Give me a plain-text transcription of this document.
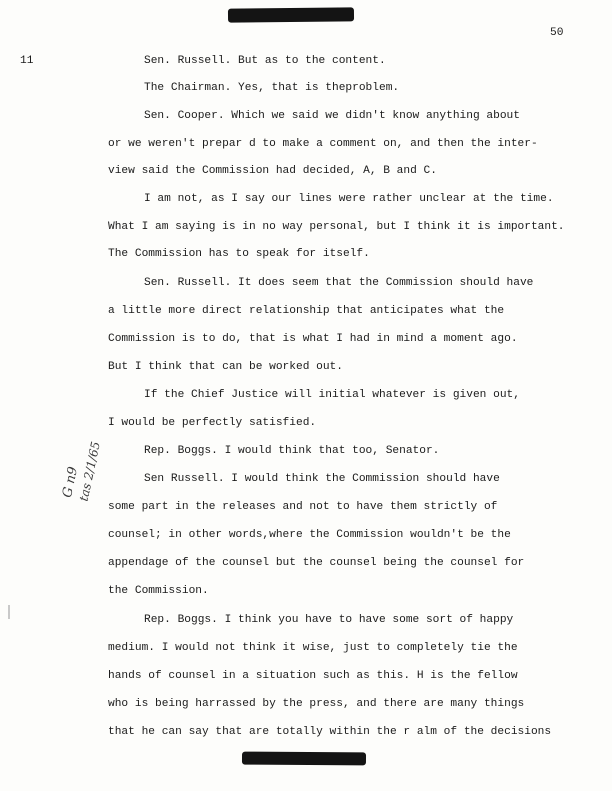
50
11	Sen. Russell. But as to the content.
The Chairman. Yes, that is theproblem.
Sen. Cooper. Which we said we didn't know anything about
or we weren't prepar d to make a comment on, and then the inter-
view said the Commission had decided, A, B and C.
I am not, as I say our lines were rather unclear at the time.
What I am saying is in no way personal, but I think it is important.
The Commission has to speak for itself.
Sen. Russell. It does seem that the Commission should have
a little more direct relationship that anticipates what the
Commission is to do, that is what I had in mind a moment ago.
But I think that can be worked out.
If the Chief Justice will initial whatever is given out,
I would be perfectly satisfied.
Rep. Boggs. I would think that too, Senator.
Sen Russell. I would think the Commission should have
some part in the releases and not to have them strictly of
counsel; in other words,where the Commission wouldn't be the
appendage of the counsel but the counsel being the counsel for
the Commission.
Rep. Boggs. I think you have to have some sort of happy
medium. I would not think it wise, just to completely tie the
hands of counsel in a situation such as this. H is the fellow
who is being harrassed by the press, and there are many things
that he can say that are totally within the r alm of the decisions
G n9
tas 2/1/65
